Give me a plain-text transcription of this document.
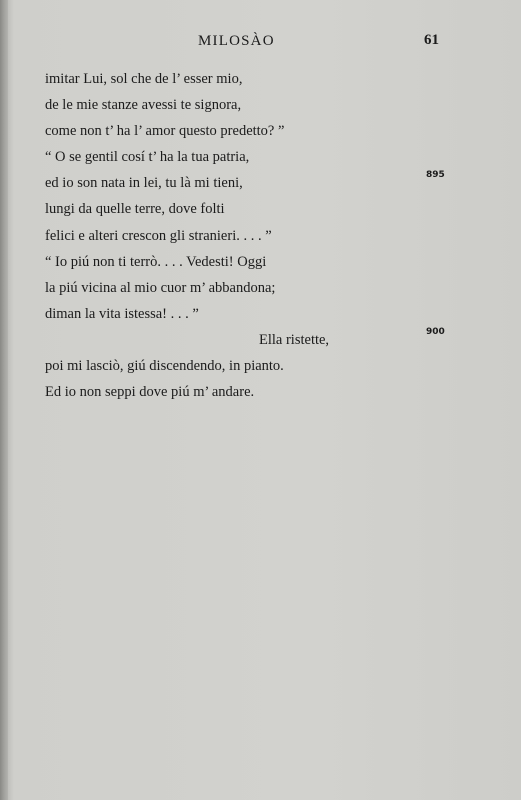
MILOSÀO	61
imitar Lui, sol che de l’ esser mio,
de le mie stanze avessi te signora,
come non t’ ha l’ amor questo predetto? ”
“ O se gentil cosí t’ ha la tua patria,
ed io son nata in lei, tu là mi tieni,
lungi da quelle terre, dove folti
felici e alteri crescon gli stranieri. . . . ”
“ Io piú non ti terrò. . . . Vedesti! Oggi
la piú vicina al mio cuor m’ abbandona;
diman la vita istessa! . . . ”
Ella ristette,
poi mi lasciò, giú discendendo, in pianto.
Ed io non seppi dove piú m’ andare.
895
900
